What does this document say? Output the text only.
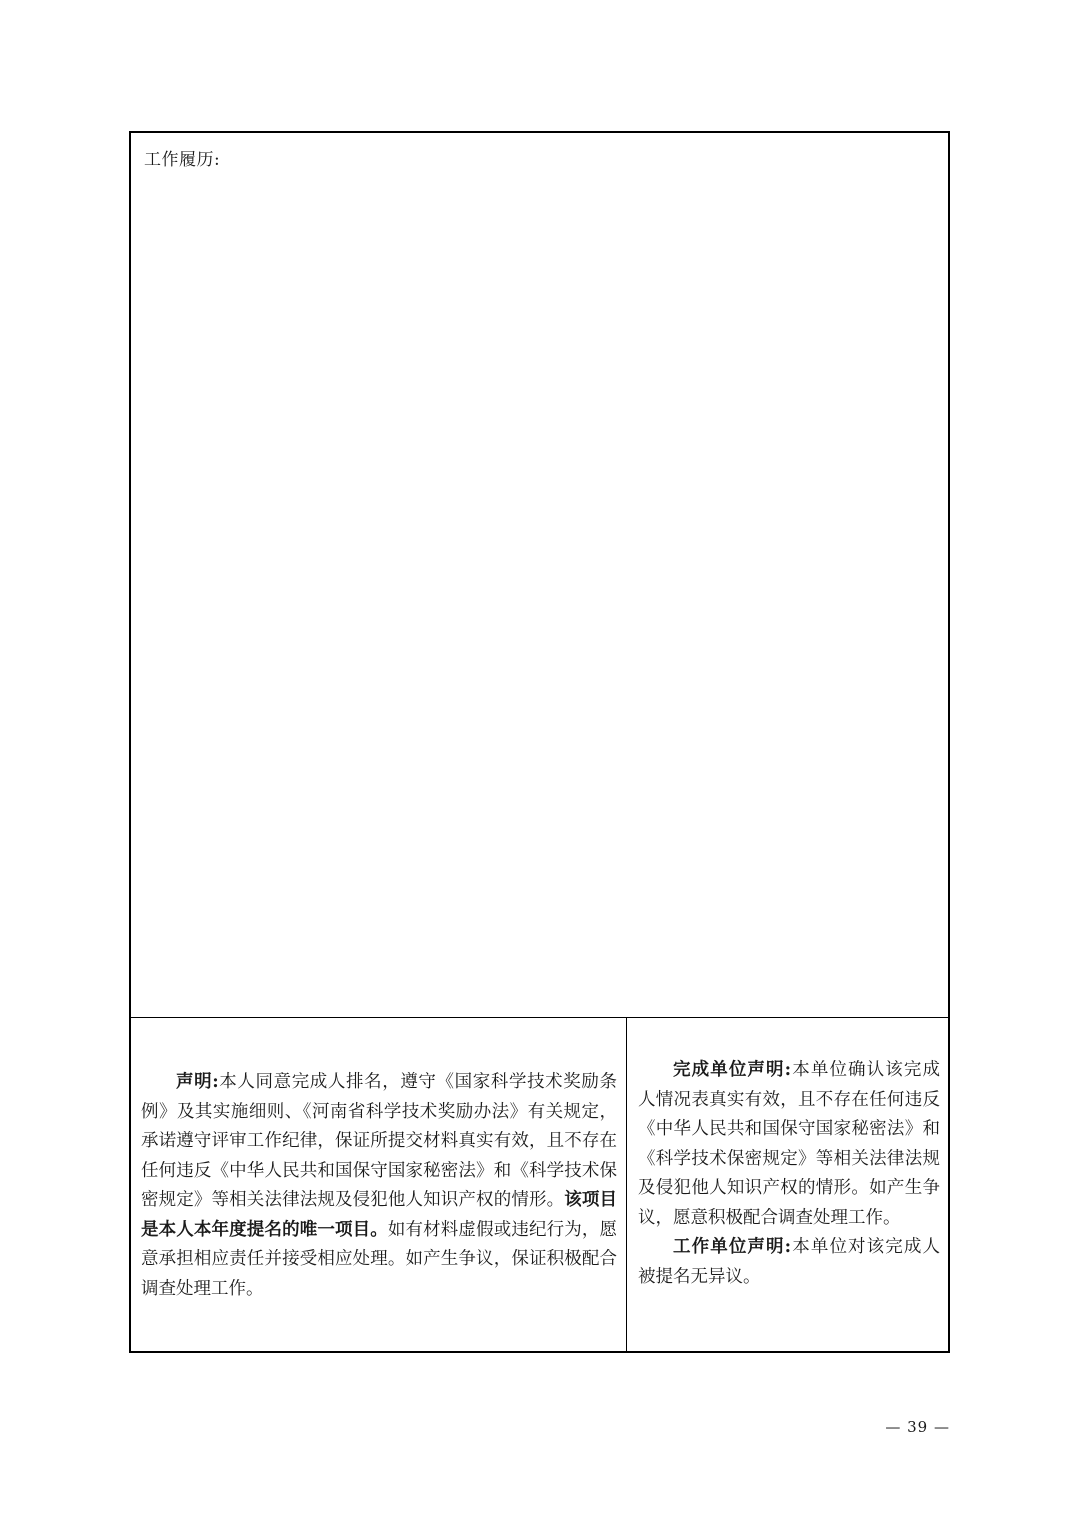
工作履历:

声明:本人同意完成人排名，遵守《国家科学技术奖励条例》及其实施细则、《河南省科学技术奖励办法》有关规定，承诺遵守评审工作纪律，保证所提交材料真实有效，且不存在任何违反《中华人民共和国保守国家秘密法》和《科学技术保密规定》等相关法律法规及侵犯他人知识产权的情形。该项目是本人本年度提名的唯一项目。如有材料虚假或违纪行为，愿意承担相应责任并接受相应处理。如产生争议，保证积极配合调查处理工作。

完成单位声明:本单位确认该完成人情况表真实有效，且不存在任何违反《中华人民共和国保守国家秘密法》和《科学技术保密规定》等相关法律法规及侵犯他人知识产权的情形。如产生争议，愿意积极配合调查处理工作。

工作单位声明:本单位对该完成人被提名无异议。

— 39 —
